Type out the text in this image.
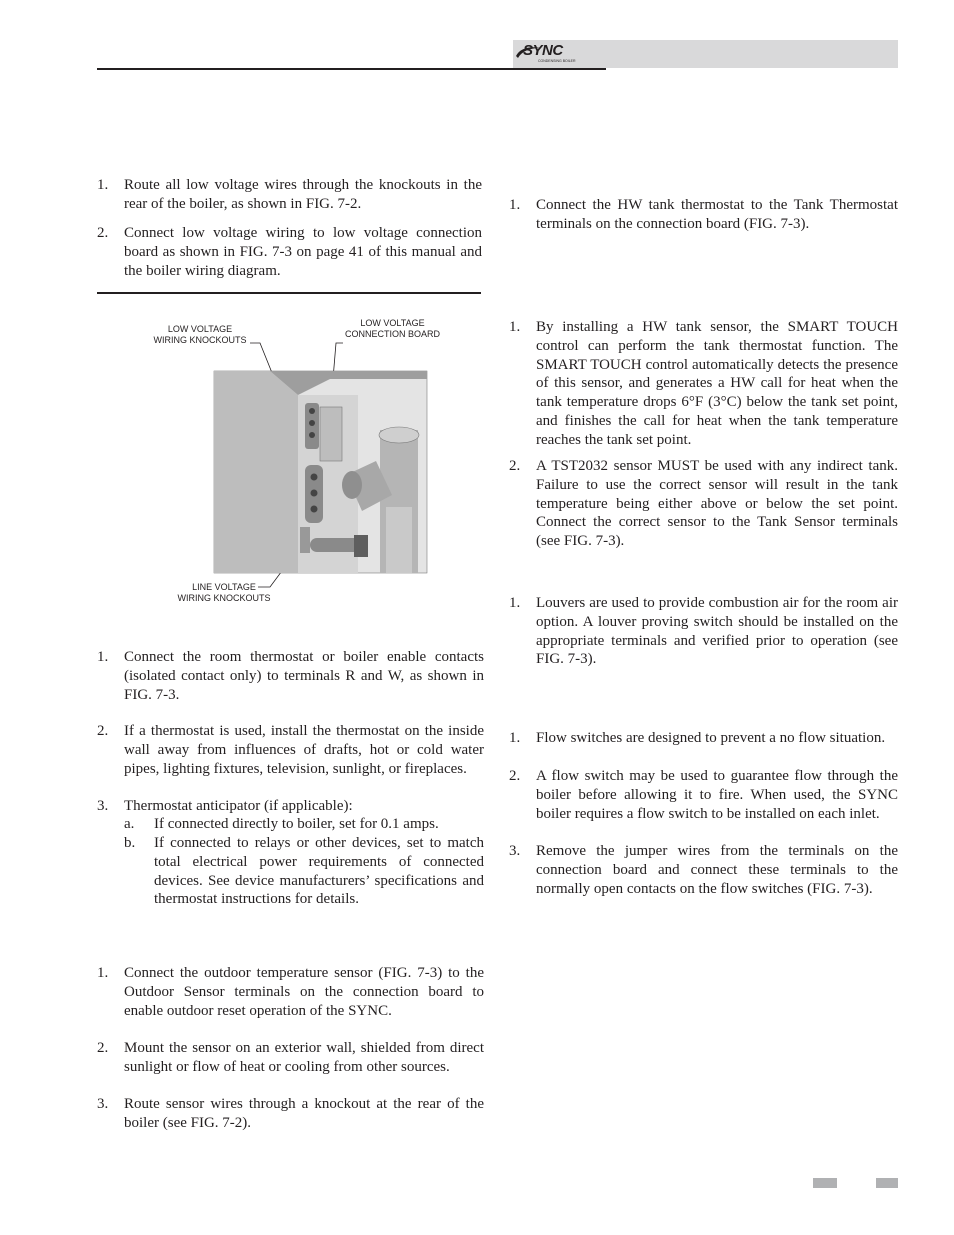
SYNC
CONDENSING BOILER
1. Route all low voltage wires through the knockouts in the rear of the boiler, as shown in FIG. 7-2.
2. Connect low voltage wiring to low voltage connection board as shown in FIG. 7-3 on page 41 of this manual and the boiler wiring diagram.
LOW VOLTAGE
WIRING KNOCKOUTS
LOW VOLTAGE
CONNECTION BOARD
LINE VOLTAGE
WIRING KNOCKOUTS
1. Connect the room thermostat or boiler enable contacts (isolated contact only) to terminals R and W, as shown in FIG. 7-3.
2. If a thermostat is used, install the thermostat on the inside wall away from influences of drafts, hot or cold water pipes, lighting fixtures, television, sunlight, or fireplaces.
3. Thermostat anticipator (if applicable):
a. If connected directly to boiler, set for 0.1 amps.
b. If connected to relays or other devices, set to match total electrical power requirements of connected devices. See device manufacturers’ specifications and thermostat instructions for details.
1. Connect the outdoor temperature sensor (FIG. 7-3) to the Outdoor Sensor terminals on the connection board to enable outdoor reset operation of the SYNC.
2. Mount the sensor on an exterior wall, shielded from direct sunlight or flow of heat or cooling from other sources.
3. Route sensor wires through a knockout at the rear of the boiler (see FIG. 7-2).
1. Connect the HW tank thermostat to the Tank Thermostat terminals on the connection board (FIG. 7-3).
1. By installing a HW tank sensor, the SMART TOUCH control can perform the tank thermostat function. The SMART TOUCH control automatically detects the presence of this sensor, and generates a HW call for heat when the tank temperature drops 6°F (3°C) below the tank set point, and finishes the call for heat when the tank temperature reaches the tank set point.
2. A TST2032 sensor MUST be used with any indirect tank. Failure to use the correct sensor will result in the tank temperature being either above or below the set point. Connect the correct sensor to the Tank Sensor terminals (see FIG. 7-3).
1. Louvers are used to provide combustion air for the room air option. A louver proving switch should be installed on the appropriate terminals and verified prior to operation (see FIG. 7-3).
1. Flow switches are designed to prevent a no flow situation.
2. A flow switch may be used to guarantee flow through the boiler before allowing it to fire. When used, the SYNC boiler requires a flow switch to be installed on each inlet.
3. Remove the jumper wires from the terminals on the connection board and connect these terminals to the normally open contacts on the flow switches (FIG. 7-3).
